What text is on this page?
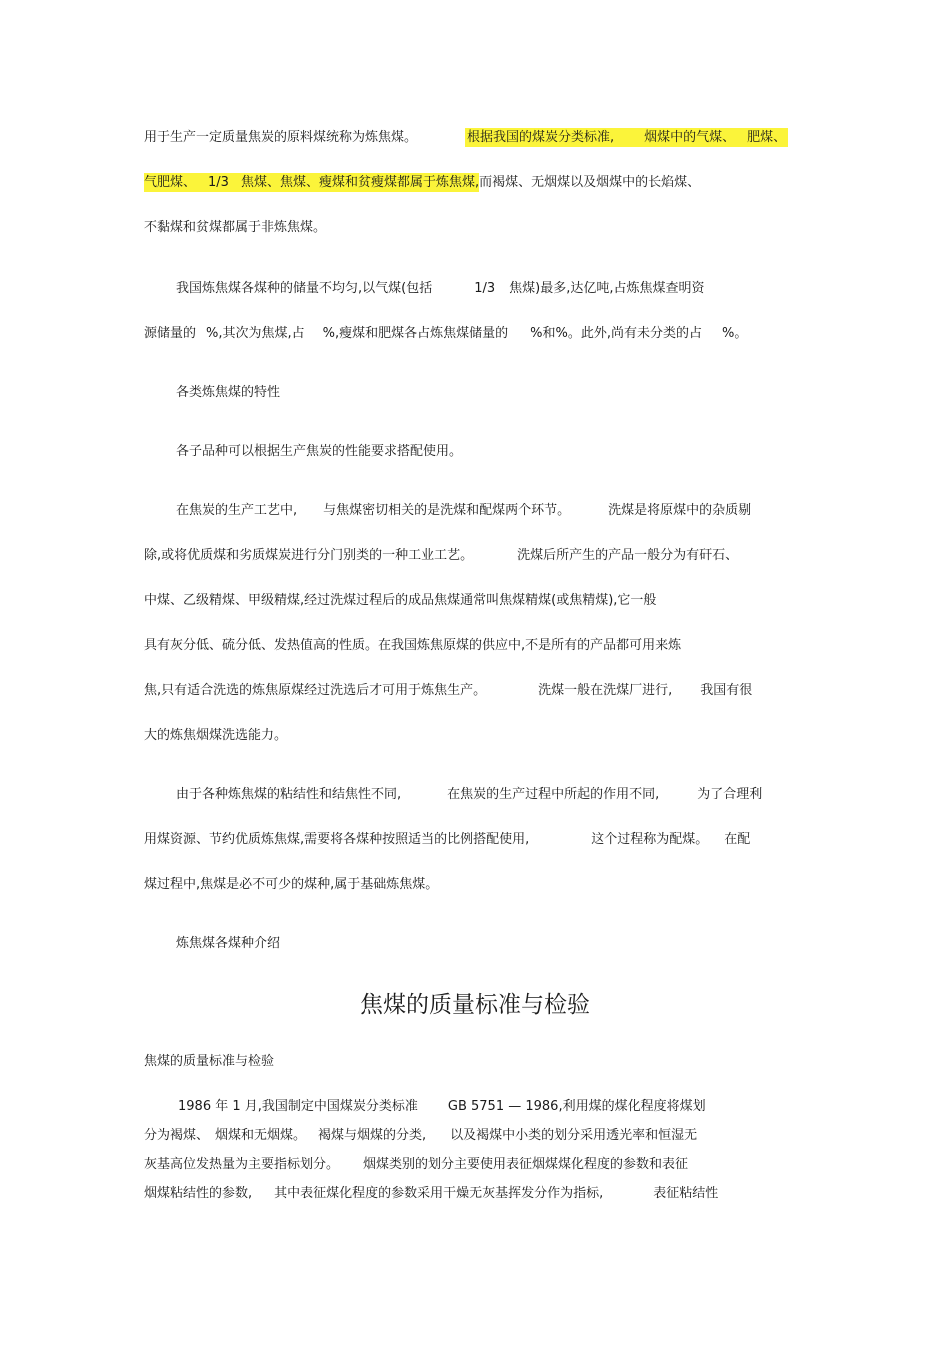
用于生产一定质量焦炭的原料煤统称为炼焦煤。	根据我国的煤炭分类标准, 烟煤中的气煤、 肥煤、
气肥煤、 1/3 焦煤、焦煤、瘦煤和贫瘦煤都属于炼焦煤,而褐煤、无烟煤以及烟煤中的长焰煤、
不黏煤和贫煤都属于非炼焦煤。
我国炼焦煤各煤种的储量不均匀,以气煤(包括	1/3 焦煤)最多,达亿吨,占炼焦煤查明资
源储量的 %,其次为焦煤,占 %,瘦煤和肥煤各占炼焦煤储量的 %和%。此外,尚有未分类的占 %。
各类炼焦煤的特性
各子品种可以根据生产焦炭的性能要求搭配使用。
在焦炭的生产工艺中, 与焦煤密切相关的是洗煤和配煤两个环节。	洗煤是将原煤中的杂质剔
除,或将优质煤和劣质煤炭进行分门别类的一种工业工艺。	洗煤后所产生的产品一般分为有矸石、
中煤、乙级精煤、甲级精煤,经过洗煤过程后的成品焦煤通常叫焦煤精煤(或焦精煤),它一般
具有灰分低、硫分低、发热值高的性质。在我国炼焦原煤的供应中,不是所有的产品都可用来炼
焦,只有适合洗选的炼焦原煤经过洗选后才可用于炼焦生产。	洗煤一般在洗煤厂进行, 我国有很
大的炼焦烟煤洗选能力。
由于各种炼焦煤的粘结性和结焦性不同,	在焦炭的生产过程中所起的作用不同,	为了合理利
用煤资源、节约优质炼焦煤,需要将各煤种按照适当的比例搭配使用,	这个过程称为配煤。 在配
煤过程中,焦煤是必不可少的煤种,属于基础炼焦煤。
炼焦煤各煤种介绍
焦煤的质量标准与检验
焦煤的质量标准与检验
1986 年 1 月,我国制定中国煤炭分类标准 GB 5751 — 1986,利用煤的煤化程度将煤划
分为褐煤、 烟煤和无烟煤。 褐煤与烟煤的分类, 以及褐煤中小类的划分采用透光率和恒湿无
灰基高位发热量为主要指标划分。 烟煤类别的划分主要使用表征烟煤煤化程度的参数和表征
烟煤粘结性的参数, 其中表征煤化程度的参数采用干燥无灰基挥发分作为指标,	表征粘结性
